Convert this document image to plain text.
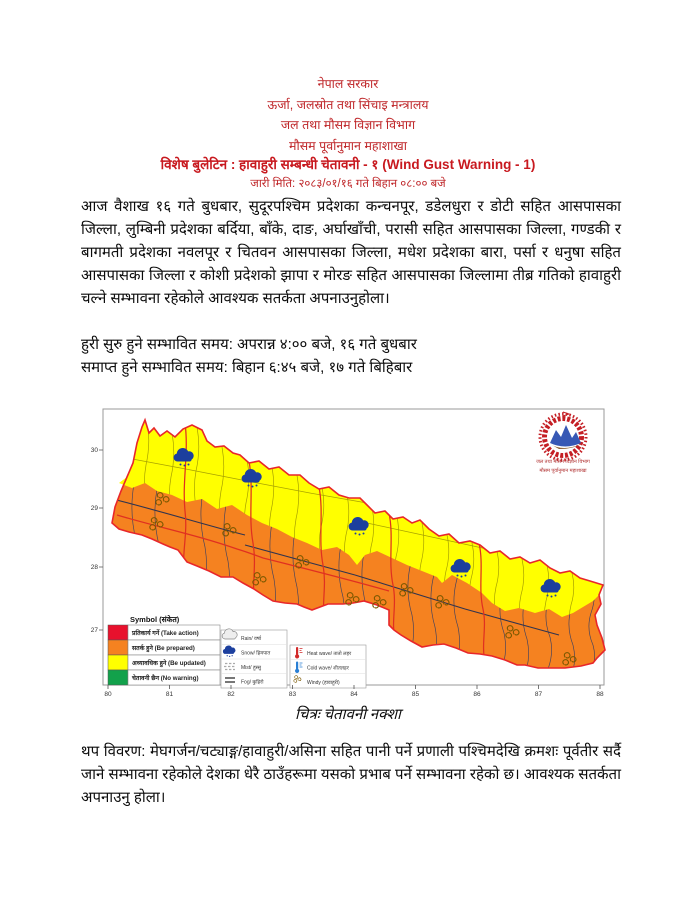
नेपाल सरकार
ऊर्जा, जलस्रोत तथा सिंचाइ मन्त्रालय
जल तथा मौसम विज्ञान विभाग
मौसम पूर्वानुमान महाशाखा
विशेष बुलेटिन : हावाहुरी सम्बन्धी चेतावनी - १ (Wind Gust Warning - 1)
जारी मिति: २०८३/०१/१६ गते बिहान ०८:०० बजे
आज वैशाख १६ गते बुधबार, सुदूरपश्चिम प्रदेशका कन्चनपूर, डडेलधुरा र डोटी सहित आसपासका जिल्ला, लुम्बिनी प्रदेशका बर्दिया, बाँके, दाङ, अर्घाखाँची, परासी सहित आसपासका जिल्ला, गण्डकी र बागमती प्रदेशका नवलपूर र चितवन आसपासका जिल्ला, मधेश प्रदेशका बारा, पर्सा र धनुषा सहित आसपासका जिल्ला र कोशी प्रदेशको झापा र मोरङ सहित आसपासका जिल्लामा तीब्र गतिको हावाहुरी चल्ने सम्भावना रहेकोले आवश्यक सतर्कता अपनाउनुहोला।
हुरी सुरु हुने सम्भावित समय: अपरान्न ४:०० बजे, १६ गते बुधबार
समाप्त हुने सम्भावित समय: बिहान ६:४५ बजे, १७ गते बिहिबार
जल तथा मौसम विज्ञान विभाग
मौसम पूर्वानुमान महाशाखा
Symbol (संकेत)
प्रतिकार्य गर्ने (Take action)
सतर्क हुने (Be prepared)
अध्यावधिक हुने (Be updated)
चेतावनी छैन (No warning)
Rain/ वर्षा
Snow/ हिमपात
Mist/ हुस्सु
Fog/ कुहिरो
Heat wave/ तातो लहर
Cold wave/ शीतलहर
Windy (हावाहुरी)
80	81	82	83	84	85	86	87	88
30
29
28
27
चित्रः चेतावनी नक्शा
थप विवरण: मेघगर्जन/चट्याङ्ग/हावाहुरी/असिना सहित पानी पर्ने प्रणाली पश्चिमदेखि क्रमशः पूर्वतीर सर्दै जाने सम्भावना रहेकोले देशका धेरै ठाउँहरूमा यसको प्रभाब पर्ने सम्भावना रहेको छ। आवश्यक सतर्कता अपनाउनु होला।
